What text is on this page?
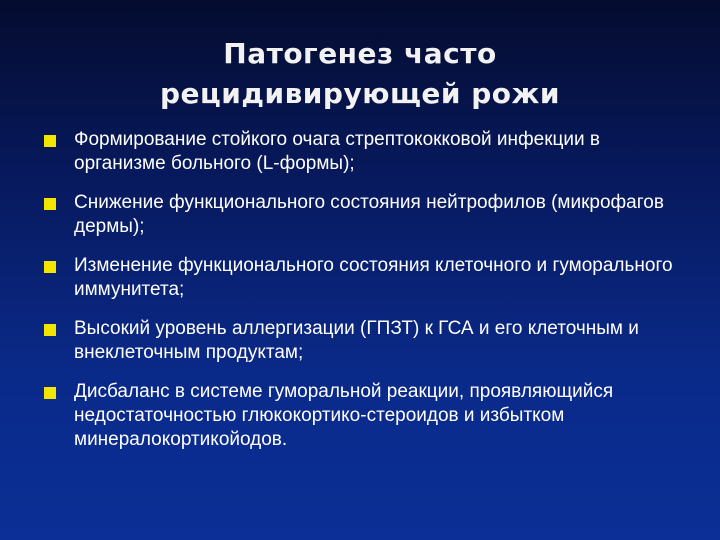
Патогенез часто
рецидивирующей рожи
Формирование стойкого очага стрептококковой инфекции в организме больного (L-формы);
Снижение функционального состояния нейтрофилов (микрофагов дермы);
Изменение функционального состояния клеточного и гуморального иммунитета;
Высокий уровень аллергизации (ГПЗТ) к ГСА и его клеточным и внеклеточным продуктам;
Дисбаланс в системе гуморальной реакции, проявляющийся недостаточностью глюкокортико-стероидов и избытком минералокортикойодов.
